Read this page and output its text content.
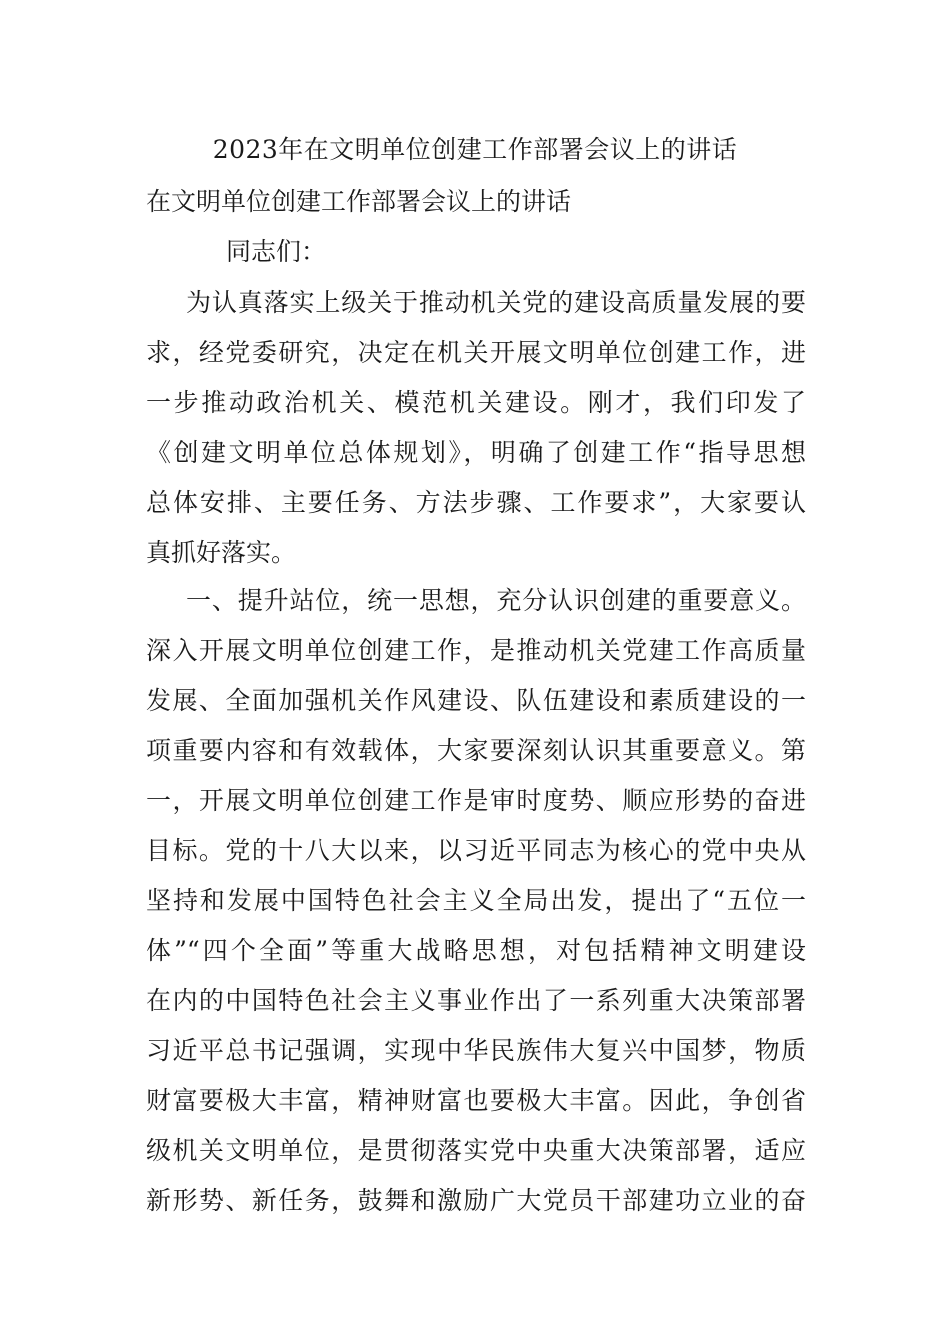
2023年在文明单位创建工作部署会议上的讲话
在文明单位创建工作部署会议上的讲话
同志们：
为认真落实上级关于推动机关党的建设高质量发展的要
求，经党委研究，决定在机关开展文明单位创建工作，进
一步推动政治机关、模范机关建设。刚才，我们印发了
《创建文明单位总体规划》，明确了创建工作“指导思想
总体安排、主要任务、方法步骤、工作要求”，大家要认
真抓好落实。
一、提升站位，统一思想，充分认识创建的重要意义。
深入开展文明单位创建工作，是推动机关党建工作高质量
发展、全面加强机关作风建设、队伍建设和素质建设的一
项重要内容和有效载体，大家要深刻认识其重要意义。第
一，开展文明单位创建工作是审时度势、顺应形势的奋进
目标。党的十八大以来，以习近平同志为核心的党中央从
坚持和发展中国特色社会主义全局出发，提出了“五位一
体”“四个全面”等重大战略思想，对包括精神文明建设
在内的中国特色社会主义事业作出了一系列重大决策部署
习近平总书记强调，实现中华民族伟大复兴中国梦，物质
财富要极大丰富，精神财富也要极大丰富。因此，争创省
级机关文明单位，是贯彻落实党中央重大决策部署，适应
新形势、新任务，鼓舞和激励广大党员干部建功立业的奋
